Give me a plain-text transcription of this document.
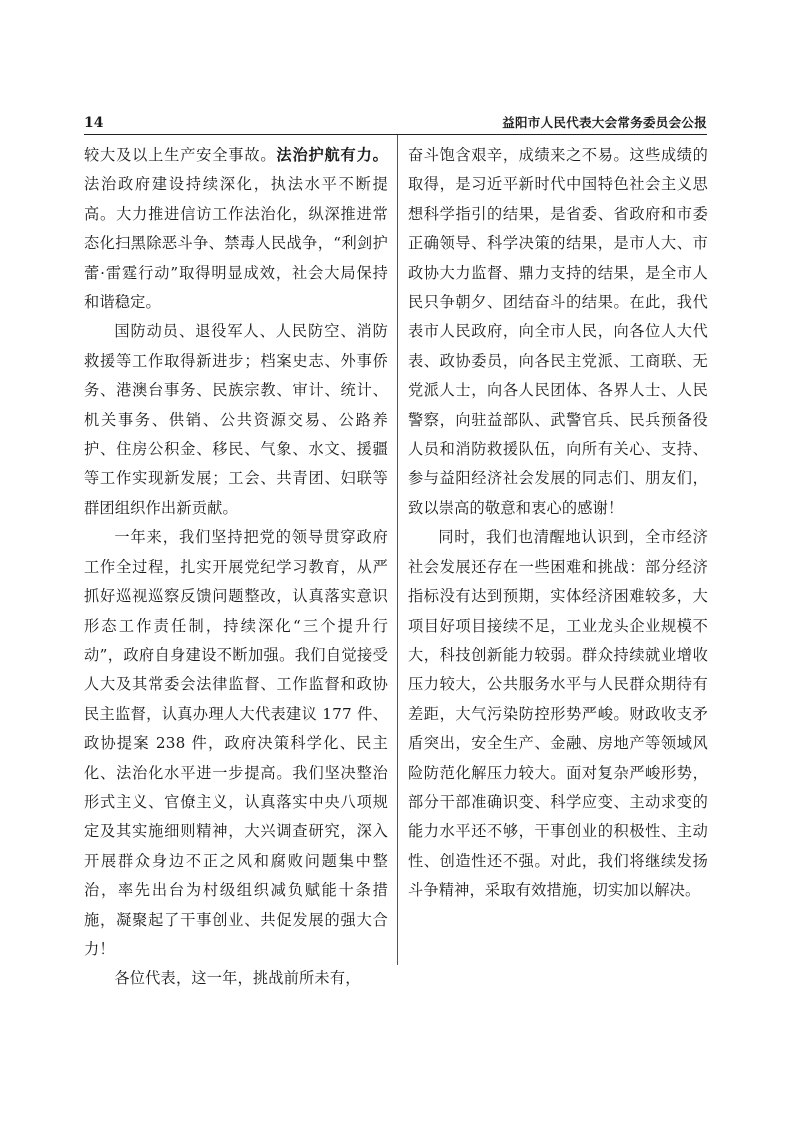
14	益阳市人民代表大会常务委员会公报

较大及以上生产安全事故。法治护航有力。法治政府建设持续深化，执法水平不断提高。大力推进信访工作法治化，纵深推进常态化扫黑除恶斗争、禁毒人民战争，“利剑护蕾·雷霆行动”取得明显成效，社会大局保持和谐稳定。

国防动员、退役军人、人民防空、消防救援等工作取得新进步；档案史志、外事侨务、港澳台事务、民族宗教、审计、统计、机关事务、供销、公共资源交易、公路养护、住房公积金、移民、气象、水文、援疆等工作实现新发展；工会、共青团、妇联等群团组织作出新贡献。

一年来，我们坚持把党的领导贯穿政府工作全过程，扎实开展党纪学习教育，从严抓好巡视巡察反馈问题整改，认真落实意识形态工作责任制，持续深化“三个提升行动”，政府自身建设不断加强。我们自觉接受人大及其常委会法律监督、工作监督和政协民主监督，认真办理人大代表建议 177 件、政协提案 238 件，政府决策科学化、民主化、法治化水平进一步提高。我们坚决整治形式主义、官僚主义，认真落实中央八项规定及其实施细则精神，大兴调查研究，深入开展群众身边不正之风和腐败问题集中整治，率先出台为村级组织减负赋能十条措施，凝聚起了干事创业、共促发展的强大合力！

各位代表，这一年，挑战前所未有，

奋斗饱含艰辛，成绩来之不易。这些成绩的取得，是习近平新时代中国特色社会主义思想科学指引的结果，是省委、省政府和市委正确领导、科学决策的结果，是市人大、市政协大力监督、鼎力支持的结果，是全市人民只争朝夕、团结奋斗的结果。在此，我代表市人民政府，向全市人民，向各位人大代表、政协委员，向各民主党派、工商联、无党派人士，向各人民团体、各界人士、人民警察，向驻益部队、武警官兵、民兵预备役人员和消防救援队伍，向所有关心、支持、参与益阳经济社会发展的同志们、朋友们，致以崇高的敬意和衷心的感谢！

同时，我们也清醒地认识到，全市经济社会发展还存在一些困难和挑战：部分经济指标没有达到预期，实体经济困难较多，大项目好项目接续不足，工业龙头企业规模不大，科技创新能力较弱。群众持续就业增收压力较大，公共服务水平与人民群众期待有差距，大气污染防控形势严峻。财政收支矛盾突出，安全生产、金融、房地产等领域风险防范化解压力较大。面对复杂严峻形势，部分干部准确识变、科学应变、主动求变的能力水平还不够，干事创业的积极性、主动性、创造性还不强。对此，我们将继续发扬斗争精神，采取有效措施，切实加以解决。
